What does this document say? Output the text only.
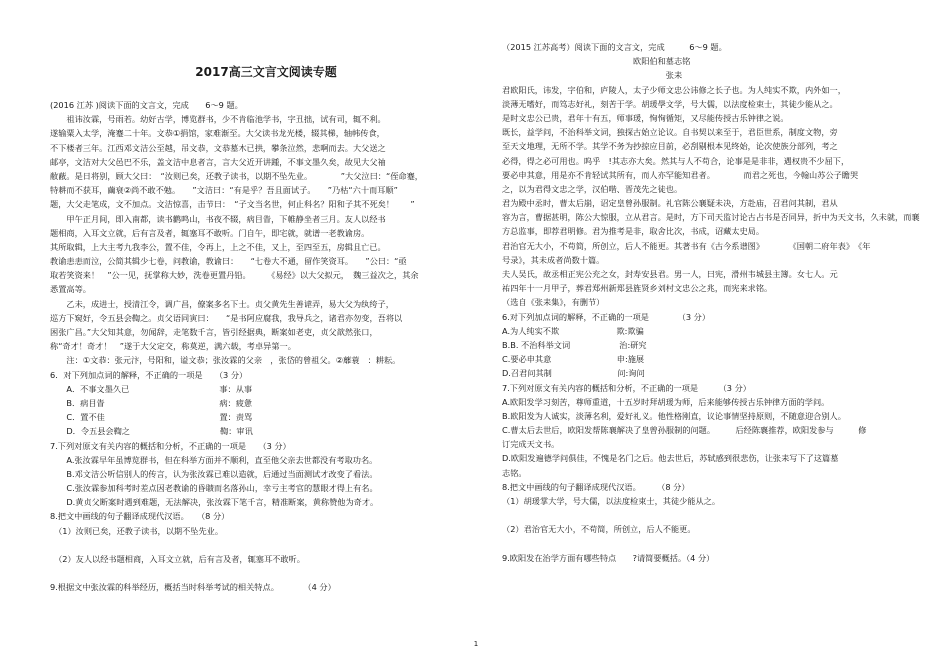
2017高三文言文阅读专题
(2016 江苏 )阅读下面的文言文，完成　　6～9 题。
　　祖讳汝霖，号雨若。幼好古学，博览群书，少不肯临池学书，字丑拙，试有司，辄不利。
遂输粟入太学，淹蹇二十年。文恭①捐馆，家难渐至。大父读书龙光楼，辍其梯，轴帏传食，
不下楼者三年。江西邓文洁公至越，吊文恭，文恭墓木已拱，攀条泣然，悲啊而去。大父送之
邮亭，文洁对大父邑巴不乐，盖文洁中息者言，言大父近开讲踵，不事文墨久矣，故见大父䄂
敝蔽。是日将别，顾大父曰：　“汝则已矣，还教子读书，以期不坠先业。　　　　”大父泣曰：“侄命蹇，
特耕而不获耳，繭衰②尚不敢不勉。　　”文洁曰：“有是乎？吾且面试子。　　”乃枯“六十而耳顺”
题，大父走笔成，文不加点。文洁惊喜，击节曰：　“子文当名世，何止科名？阳和子其不死矣！　　”
　　甲午正月间，即入南都，读书鹳鸣山，书夜不辍，病目眚，下帷静坐者三月。友人以经书
题相商，入耳文立就，后有言及者，辄塞耳不敢听。门自午，即宅就，就谱一老教谕房。
其所取辑，上大主考九我李公，置不佳，令再上，上之不佳，又上，至四至五，房辑且亡已。
教谕恚恚而泣，公简其辑少七卷，问教谕，教谕曰：　　“七卷大不通，留作笑资耳。　　”公曰：“亟
取若笑资来！　”公一见，抚掌称大妙，洗卷更置丹铅。　　　《易经》以大父拟元，　魏三益次之，其余
悉置高等。
　　乙未，成进士，授清江令，调广昌，僚案多名下士。贞父黄先生善谑弄，易大父为纨绔子，
巡方下窥好，令五县会鞫之。贞父语同寅曰：　　“是书阿应腐我，我导兵之，诸君亦勿变，吾将以
困张广昌。”大父知其意，勿闻辞，走笔数千言，皆引经据典，断案如老吏，贞父歆然张口，
称“奇才！奇才！　”遂于大父定交，称莫逆，满六载，考卓异第一。
　　注：①文恭：张元汴，号阳和，谥文恭；张汝霖的父亲　，张岱的曾祖父。②蘼蓑　：耕耘。
6．对下列加点词的解释，不正确的一项是　　（3 分）
　　A．不事文墨久已　　　　　　　　　　　事：从事
　　B．病目眚　　　　　　　　　　　　　　病：疲惫
　　C．置不佳　　　　　　　　　　　　　　置：责骂
　　D．令五县会鞫之　　　　　　　　　　　鞫：审讯
7.下列对原文有关内容的概括和分析，不正确的一项是　　（3 分）
　　A.张汝霖早年虽博览群书，但在科举方面并不顺利，直至他父亲去世都没有考取功名。
　　B.邓文洁公听信别人的传言，认为张汝霖已难以造就，后通过当面测试才改变了看法。
　　C.张汝霖参加科考时差点因老教谕的昏聩而名落孙山，幸亏主考官的慧眼才得上有名。
　　D.黄贞父断案时遇到难题，无法解决，张汝霖下笔千言，精准断案，黄称赞他为奇才。
8.把文中画线的句子翻译成现代汉语。　　（8 分）
　（1）汝则已矣，还教子读书，以期不坠先业。
　（2）友人以经书题相商，入耳文立就，后有言及者，辄塞耳不敢听。
9.根据文中张汝霖的科举经历，概括当时科举考试的相关特点。　　　　（4 分）
（2015 江苏高考）阅读下面的文言文，完成　　　6～9 题。
　　　　　　　　　　　　　　　　欧阳伯和墓志铭
　　　　　　　　　　　　　　　　　　　　张耒
君欧阳氏，讳发，字伯和，庐陵人，太子少师文忠公讳修之长子也。为人纯实不欺，内外如一，
淡薄无嗜好，而笃志好礼，刻苦于学。胡瑗學文学，号大儒，以法度检束士，其徒少能从之。
是时文忠公已贵，君年十有五，师事瑗，恂恂循矩，又尽能传授古乐钟律之说。
既长，益学问，不治科举文词，独探古始立论议。自书契以来至于，君臣世系，制度文物，旁
至天文地理，无所不学。其学不务为抄掠应目前，必刮剔根本见终始，论次使族分部列，考之
必得，得之必可用也。呜乎　!其志亦大矣。然其与人不苟合，论事是是非非，遇权贵不少屈下，
要必申其意，用是亦不肯轻试其所有，而人亦罕能知君者。　　　　而君之死也，今翰山苏公子瞻哭
之，以为君得文忠之学，汉伯喈、晋茂先之徒也。
君为殿中丞时，曹太后崩，诏定皇曾孙服制。礼官陈公襄疑未决，方赴庙，召君问其制，君从
容为言，曹据甚明，陈公大惊服，立从君言。是时，方下司天监讨论古占书是否同异，折中为天文书，久未就，而襄
方总监事，即荐君明修。君为推考是非，取舍比次，书成，诏藏太史局。
君治官无大小，不苟简，所创立，后人不能更。其著书有《古今系谱图》　　　　《国朝二府年表》　《年
号录》，其未成者尚数十篇。
夫人吴氏，故丞相正宪公充之女，封寿安县君。男一人，曰宪，滑州韦城县主簿。女七人。元
祐四年十一月甲子，葬君郑州新郑县旌贤乡刘村文忠公之兆，而宪来求铭。
（选自《张耒集》，有删节）
6.对下列加点词的解释，不正确的一项是　　　　（3 分）
A.为人纯实不欺　　　　　　　欺:欺骗
B.B. 不治科举文词　　　　　　治:研究
C.要必申其意　　　　　　　　申:施展
D.召君问其制　　　　　　　　问:询问
7.下列对原文有关内容的概括和分析，不正确的一项是　　　（3 分）
A.欧阳发学习刻苦，尊师重道，十五岁时拜胡瑗为师，后来能够传授古乐钟律方面的学问。
B.欧阳发为人诚实，淡薄名利，爱好礼义。他性格刚直，议论事情坚持原则，不随意迎合别人。
C.曹太后去世后，欧阳发帮陈襄解决了皇曾孙服制的问题。　　　后经陈襄推荐，欧阳发参与　　　修
订完成天文书。
D.欧阳发遍德学问俱佳，不愧是名门之后。他去世后，苏轼感到很悲伤，让张耒写下了这篇墓
志铭。
8.把文中画线的句子翻译成现代汉语。　　　（8 分）
（1）胡瑗掌大学，号大儒，以法度检束士，其徒少能从之。
（2）君治官无大小，不苟简，所创立，后人不能更。
9.欧阳发在治学方面有哪些特点　　?请简要概括。（4 分）
1
